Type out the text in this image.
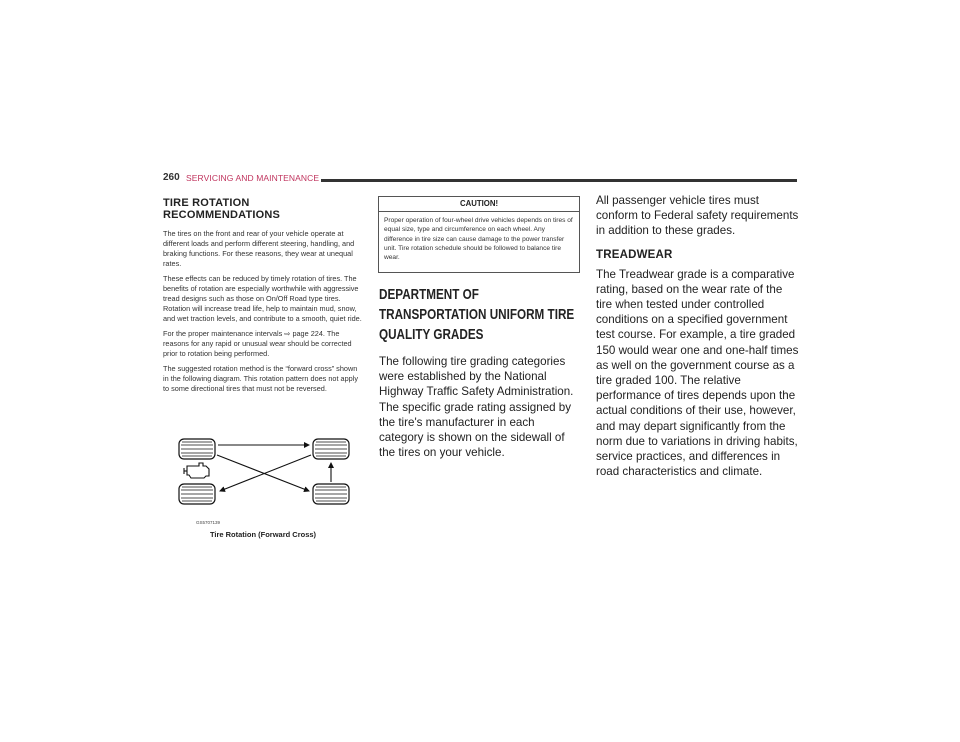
260 SERVICING AND MAINTENANCE
TIRE ROTATION RECOMMENDATIONS

The tires on the front and rear of your vehicle operate at different loads and perform different steering, handling, and braking functions. For these reasons, they wear at unequal rates.

These effects can be reduced by timely rotation of tires. The benefits of rotation are especially worthwhile with aggressive tread designs such as those on On/Off Road type tires. Rotation will increase tread life, help to maintain mud, snow, and wet traction levels, and contribute to a smooth, quiet ride.

For the proper maintenance intervals ⇨ page 224. The reasons for any rapid or unusual wear should be corrected prior to rotation being performed.

The suggested rotation method is the “forward cross” shown in the following diagram. This rotation pattern does not apply to some directional tires that must not be reversed.

GS5707139
Tire Rotation (Forward Cross)
CAUTION!
Proper operation of four-wheel drive vehicles depends on tires of equal size, type and circumference on each wheel. Any difference in tire size can cause damage to the power transfer unit. Tire rotation schedule should be followed to balance tire wear.
DEPARTMENT OF TRANSPORTATION UNIFORM TIRE QUALITY GRADES

The following tire grading categories were established by the National Highway Traffic Safety Administration. The specific grade rating assigned by the tire's manufacturer in each category is shown on the sidewall of the tires on your vehicle.

All passenger vehicle tires must conform to Federal safety requirements in addition to these grades.

TREADWEAR

The Treadwear grade is a comparative rating, based on the wear rate of the tire when tested under controlled conditions on a specified government test course. For example, a tire graded 150 would wear one and one-half times as well on the government course as a tire graded 100. The relative performance of tires depends upon the actual conditions of their use, however, and may depart significantly from the norm due to variations in driving habits, service practices, and differences in road characteristics and climate.
